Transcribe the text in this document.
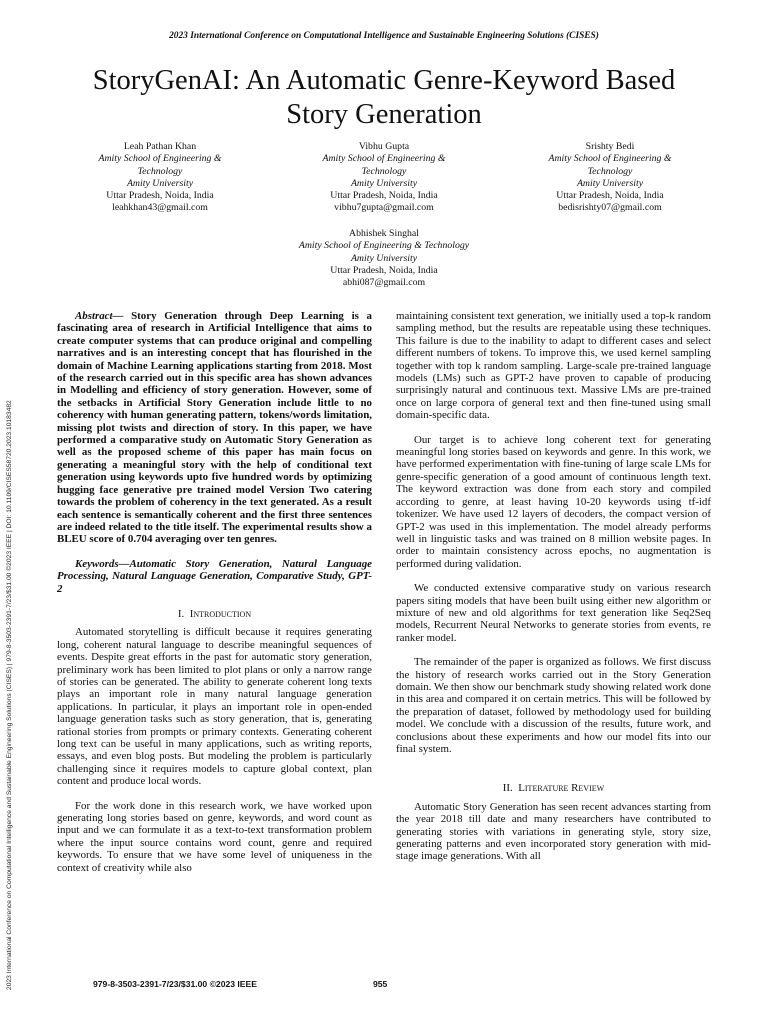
2023 International Conference on Computational Intelligence and Sustainable Engineering Solutions (CISES)
StoryGenAI: An Automatic Genre-Keyword Based
Story Generation
Leah Pathan Khan
Amity School of Engineering &
Technology
Amity University
Uttar Pradesh, Noida, India
leahkhan43@gmail.com
Vibhu Gupta
Amity School of Engineering &
Technology
Amity University
Uttar Pradesh, Noida, India
vibhu7gupta@gmail.com
Srishty Bedi
Amity School of Engineering &
Technology
Amity University
Uttar Pradesh, Noida, India
bedisrishty07@gmail.com
Abhishek Singhal
Amity School of Engineering & Technology
Amity University
Uttar Pradesh, Noida, India
abhi087@gmail.com
2023 International Conference on Computational Intelligence and Sustainable Engineering Solutions (CISES) | 979-8-3503-2391-7/23/$31.00 ©2023 IEEE | DOI: 10.1109/CISES58720.2023.10183482

Abstract— Story Generation through Deep Learning is a fascinating area of research in Artificial Intelligence that aims to create computer systems that can produce original and compelling narratives and is an interesting concept that has flourished in the domain of Machine Learning applications starting from 2018. Most of the research carried out in this specific area has shown advances in Modelling and efficiency of story generation. However, some of the setbacks in Artificial Story Generation include little to no coherency with human generating pattern, tokens/words limitation, missing plot twists and direction of story. In this paper, we have performed a comparative study on Automatic Story Generation as well as the proposed scheme of this paper has main focus on generating a meaningful story with the help of conditional text generation using keywords upto five hundred words by optimizing hugging face generative pre trained model Version Two catering towards the problem of coherency in the text generated. As a result each sentence is semantically coherent and the first three sentences are indeed related to the title itself. The experimental results show a BLEU score of 0.704 averaging over ten genres.

Keywords—Automatic Story Generation, Natural Language Processing, Natural Language Generation, Comparative Study, GPT-2

I. Introduction

Automated storytelling is difficult because it requires generating long, coherent natural language to describe meaningful sequences of events. Despite great efforts in the past for automatic story generation, preliminary work has been limited to plot plans or only a narrow range of stories can be generated. The ability to generate coherent long texts plays an important role in many natural language generation applications. In particular, it plays an important role in open-ended language generation tasks such as story generation, that is, generating rational stories from prompts or primary contexts. Generating coherent long text can be useful in many applications, such as writing reports, essays, and even blog posts. But modeling the problem is particularly challenging since it requires models to capture global context, plan content and produce local words.

For the work done in this research work, we have worked upon generating long stories based on genre, keywords, and word count as input and we can formulate it as a text-to-text transformation problem where the input source contains word count, genre and required keywords. To ensure that we have some level of uniqueness in the context of creativity while also

maintaining consistent text generation, we initially used a top-k random sampling method, but the results are repeatable using these techniques. This failure is due to the inability to adapt to different cases and select different numbers of tokens. To improve this, we used kernel sampling together with top k random sampling. Large-scale pre-trained language models (LMs) such as GPT-2 have proven to capable of producing surprisingly natural and continuous text. Massive LMs are pre-trained once on large corpora of general text and then fine-tuned using small domain-specific data.

Our target is to achieve long coherent text for generating meaningful long stories based on keywords and genre. In this work, we have performed experimentation with fine-tuning of large scale LMs for genre-specific generation of a good amount of continuous length text. The keyword extraction was done from each story and compiled according to genre, at least having 10-20 keywords using tf-idf tokenizer. We have used 12 layers of decoders, the compact version of GPT-2 was used in this implementation. The model already performs well in linguistic tasks and was trained on 8 million website pages. In order to maintain consistency across epochs, no augmentation is performed during validation.

We conducted extensive comparative study on various research papers siting models that have been built using either new algorithm or mixture of new and old algorithms for text generation like Seq2Seq models, Recurrent Neural Networks to generate stories from events, re ranker model.

The remainder of the paper is organized as follows. We first discuss the history of research works carried out in the Story Generation domain. We then show our benchmark study showing related work done in this area and compared it on certain metrics. This will be followed by the preparation of dataset, followed by methodology used for building model. We conclude with a discussion of the results, future work, and conclusions about these experiments and how our model fits into our final system.

II. Literature Review

Automatic Story Generation has seen recent advances starting from the year 2018 till date and many researchers have contributed to generating stories with variations in generating style, story size, generating patterns and even incorporated story generation with mid-stage image generations. With all

979-8-3503-2391-7/23/$31.00 ©2023 IEEE	955
